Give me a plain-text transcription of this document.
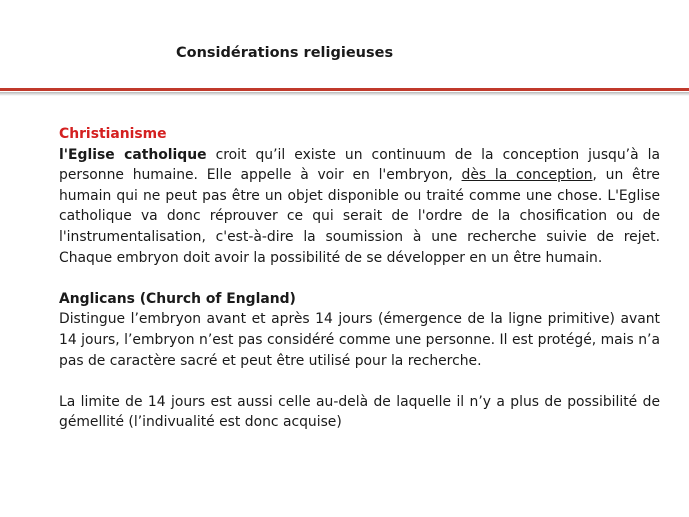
Considérations religieuses
Christianisme

l'Eglise catholique croit qu’il existe un continuum de la conception jusqu’à la personne humaine. Elle appelle à voir en l'embryon, dès la conception, un être humain qui ne peut pas être un objet disponible ou traité comme une chose. L'Eglise catholique va donc réprouver ce qui serait de l'ordre de la chosification ou de l'instrumentalisation, c'est-à-dire la soumission à une recherche suivie de rejet. Chaque embryon doit avoir la possibilité de se développer en un être humain.

Anglicans (Church of England)

Distingue l’embryon avant et après 14 jours (émergence de la ligne primitive) avant 14 jours, l’embryon n’est pas considéré comme une personne. Il est protégé, mais n’a pas de caractère sacré et peut être utilisé pour la recherche.

La limite de 14 jours est aussi celle au-delà de laquelle il n’y a plus de possibilité de gémellité (l’indivualité est donc acquise)
